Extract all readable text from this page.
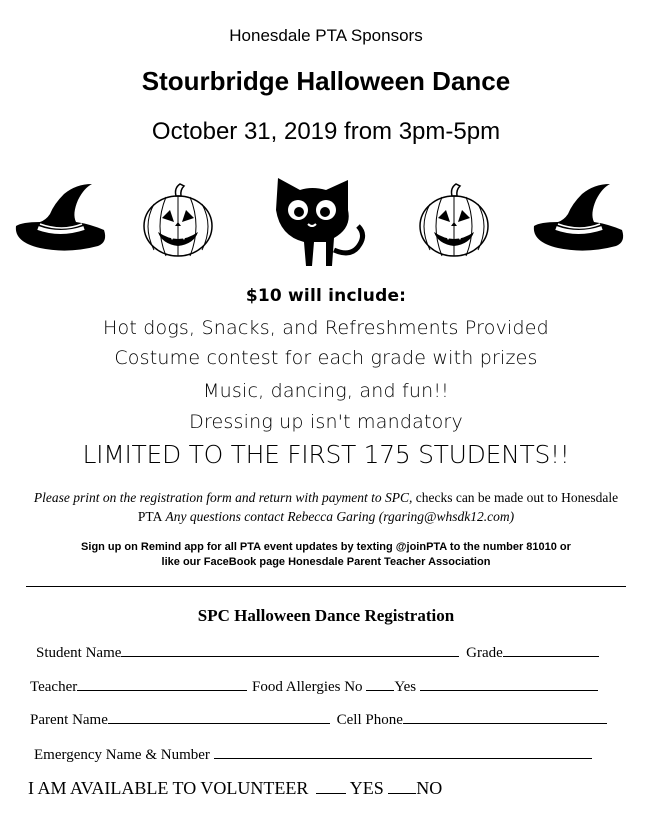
Honesdale PTA Sponsors
Stourbridge Halloween Dance
October 31, 2019 from 3pm-5pm
$10 will include:
Hot dogs, Snacks, and Refreshments Provided
Costume contest for each grade with prizes
Music, dancing, and fun!!
Dressing up isn't mandatory
LIMITED TO THE FIRST 175 STUDENTS!!
Please print on the registration form and return with payment to SPC, checks can be made out to Honesdale PTA Any questions contact Rebecca Garing (rgaring@whsdk12.com)
Sign up on Remind app for all PTA event updates by texting @joinPTA to the number 81010 or
like our FaceBook page Honesdale Parent Teacher Association
SPC Halloween Dance Registration
Student Name	Grade
Teacher	Food Allergies No Yes
Parent Name	Cell Phone
Emergency Name & Number
I AM AVAILABLE TO VOLUNTEER YES NO
